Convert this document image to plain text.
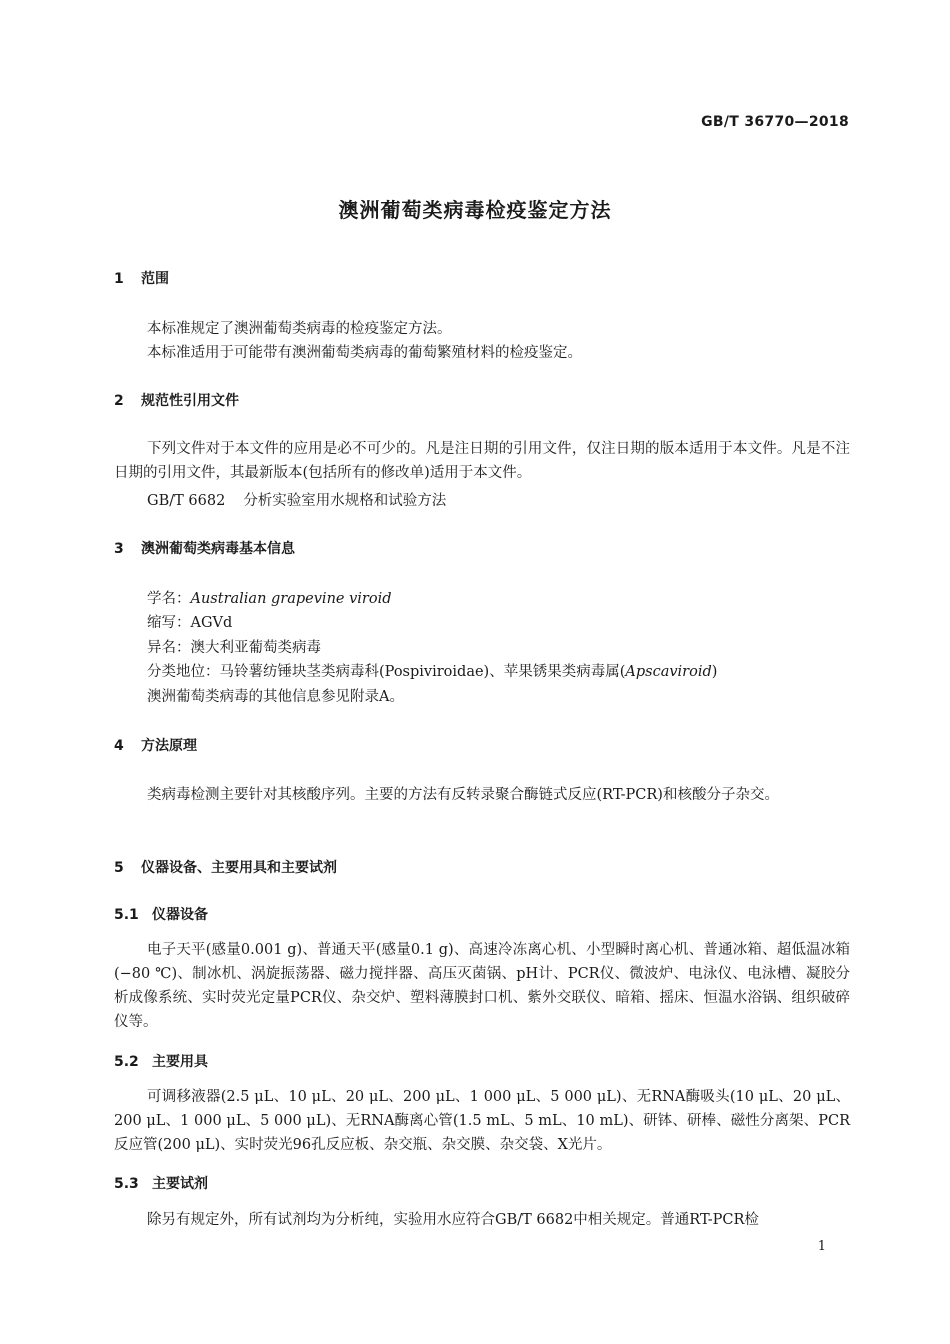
GB/T 36770—2018
澳洲葡萄类病毒检疫鉴定方法
1 范围
本标准规定了澳洲葡萄类病毒的检疫鉴定方法。
本标准适用于可能带有澳洲葡萄类病毒的葡萄繁殖材料的检疫鉴定。
2 规范性引用文件
下列文件对于本文件的应用是必不可少的。凡是注日期的引用文件，仅注日期的版本适用于本文件。凡是不注日期的引用文件，其最新版本(包括所有的修改单)适用于本文件。
GB/T 6682 分析实验室用水规格和试验方法
3 澳洲葡萄类病毒基本信息
学名：Australian grapevine viroid
缩写：AGVd
异名：澳大利亚葡萄类病毒
分类地位：马铃薯纺锤块茎类病毒科(Pospiviroidae)、苹果锈果类病毒属(Apscaviroid)
澳洲葡萄类病毒的其他信息参见附录A。
4 方法原理
类病毒检测主要针对其核酸序列。主要的方法有反转录聚合酶链式反应(RT-PCR)和核酸分子杂交。
5 仪器设备、主要用具和主要试剂
5.1 仪器设备
电子天平(感量0.001 g)、普通天平(感量0.1 g)、高速冷冻离心机、小型瞬时离心机、普通冰箱、超低温冰箱(−80 ℃)、制冰机、涡旋振荡器、磁力搅拌器、高压灭菌锅、pH计、PCR仪、微波炉、电泳仪、电泳槽、凝胶分析成像系统、实时荧光定量PCR仪、杂交炉、塑料薄膜封口机、紫外交联仪、暗箱、摇床、恒温水浴锅、组织破碎仪等。
5.2 主要用具
可调移液器(2.5 μL、10 μL、20 μL、200 μL、1 000 μL、5 000 μL)、无RNA酶吸头(10 μL、20 μL、200 μL、1 000 μL、5 000 μL)、无RNA酶离心管(1.5 mL、5 mL、10 mL)、研钵、研棒、磁性分离架、PCR反应管(200 μL)、实时荧光96孔反应板、杂交瓶、杂交膜、杂交袋、X光片。
5.3 主要试剂
除另有规定外，所有试剂均为分析纯，实验用水应符合GB/T 6682中相关规定。普通RT-PCR检
1
